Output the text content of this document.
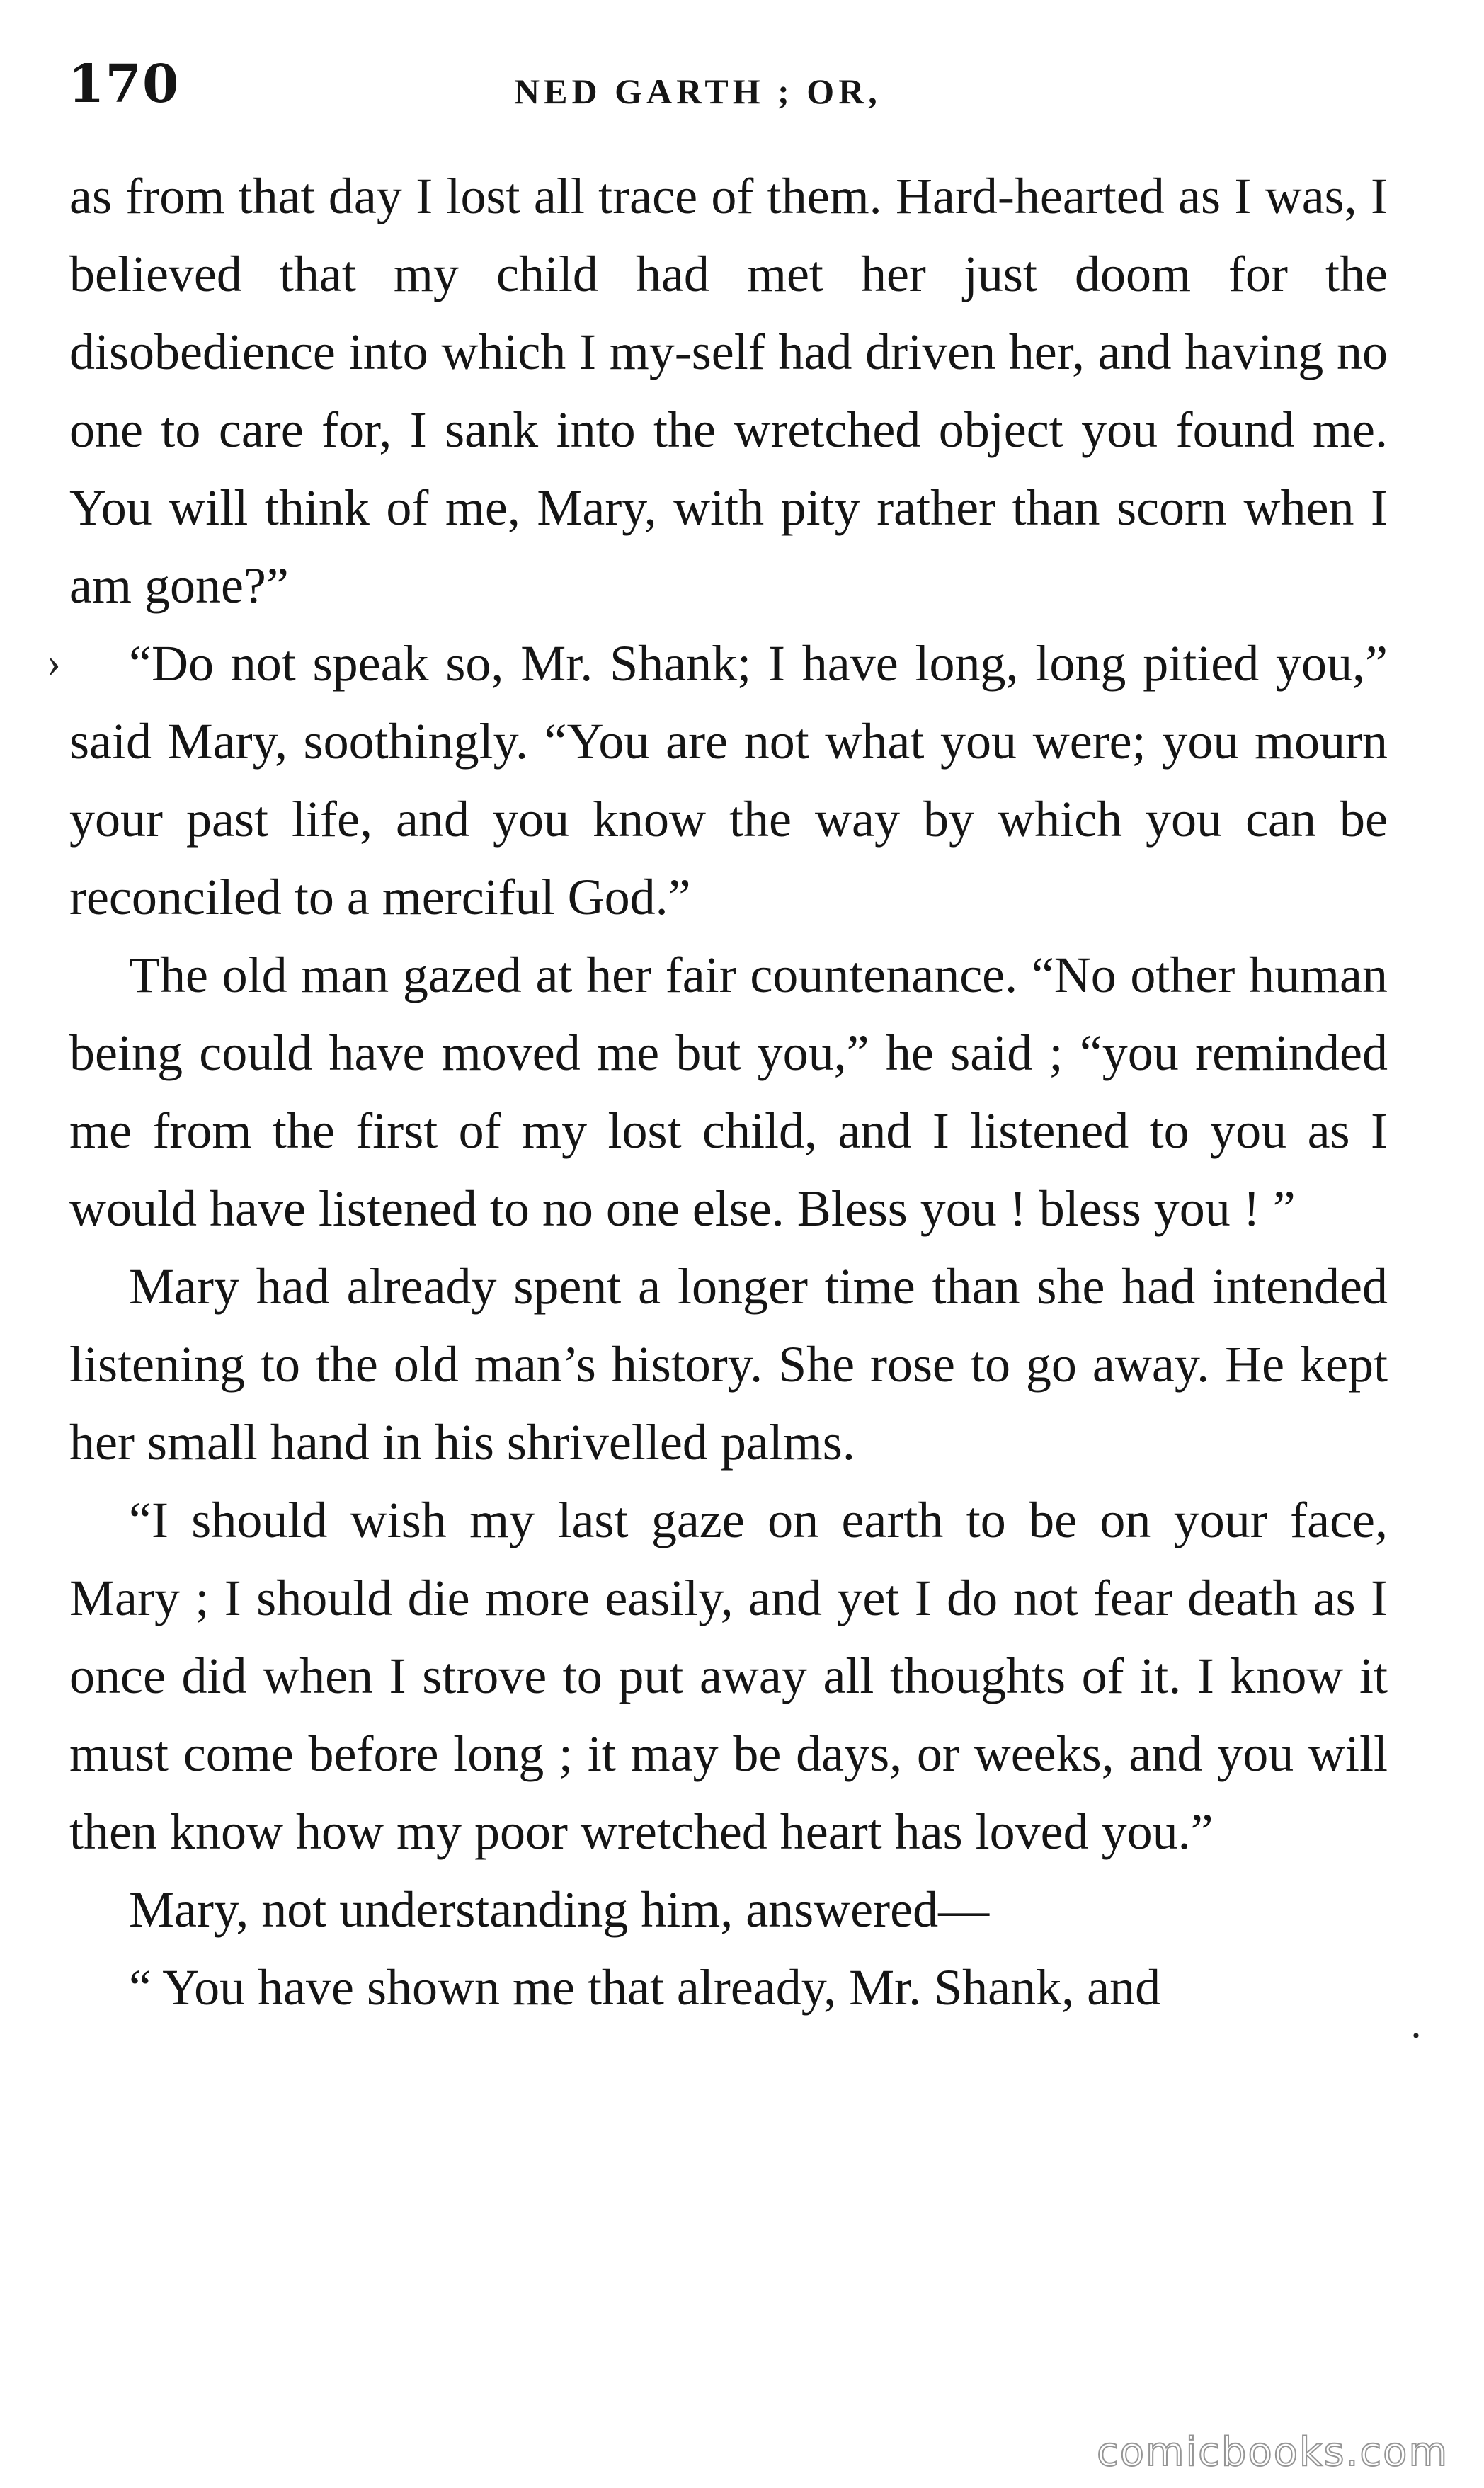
170	NED GARTH ; OR,

as from that day I lost all trace of them. Hard-hearted as I was, I believed that my child had met her just doom for the disobedience into which I my-self had driven her, and having no one to care for, I sank into the wretched object you found me. You will think of me, Mary, with pity rather than scorn when I am gone?”

“Do not speak so, Mr. Shank; I have long, long pitied you,” said Mary, soothingly. “You are not what you were; you mourn your past life, and you know the way by which you can be reconciled to a merciful God.”

The old man gazed at her fair countenance. “No other human being could have moved me but you,” he said ; “you reminded me from the first of my lost child, and I listened to you as I would have listened to no one else. Bless you ! bless you ! ”

Mary had already spent a longer time than she had intended listening to the old man’s history. She rose to go away. He kept her small hand in his shrivelled palms.

“I should wish my last gaze on earth to be on your face, Mary ; I should die more easily, and yet I do not fear death as I once did when I strove to put away all thoughts of it. I know it must come before long ; it may be days, or weeks, and you will then know how my poor wretched heart has loved you.”

Mary, not understanding him, answered—

“ You have shown me that already, Mr. Shank, and

›
·
comicbooks.com
